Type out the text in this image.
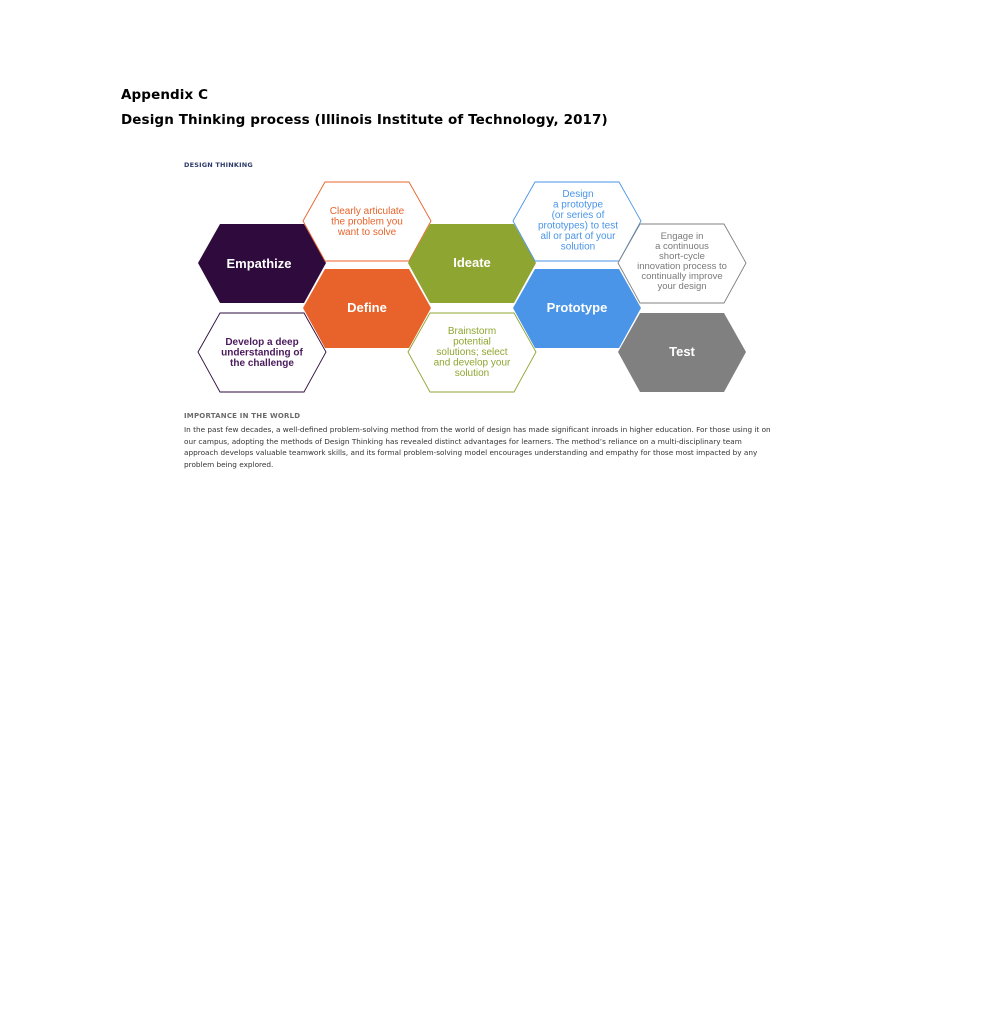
Appendix C
Design Thinking process (Illinois Institute of Technology, 2017)
DESIGN THINKING
Empathize
Develop a deep understanding of the challenge
Define
Clearly articulate the problem you want to solve
Ideate
Brainstorm potential solutions; select and develop your solution
Prototype
Design a prototype (or series of prototypes) to test all or part of your solution
Test
Engage in a continuous short-cycle innovation process to continually improve your design
IMPORTANCE IN THE WORLD
In the past few decades, a well-defined problem-solving method from the world of design has made significant inroads in higher education. For those using it on our campus, adopting the methods of Design Thinking has revealed distinct advantages for learners. The method’s reliance on a multi-disciplinary team approach develops valuable teamwork skills, and its formal problem-solving model encourages understanding and empathy for those most impacted by any problem being explored.
